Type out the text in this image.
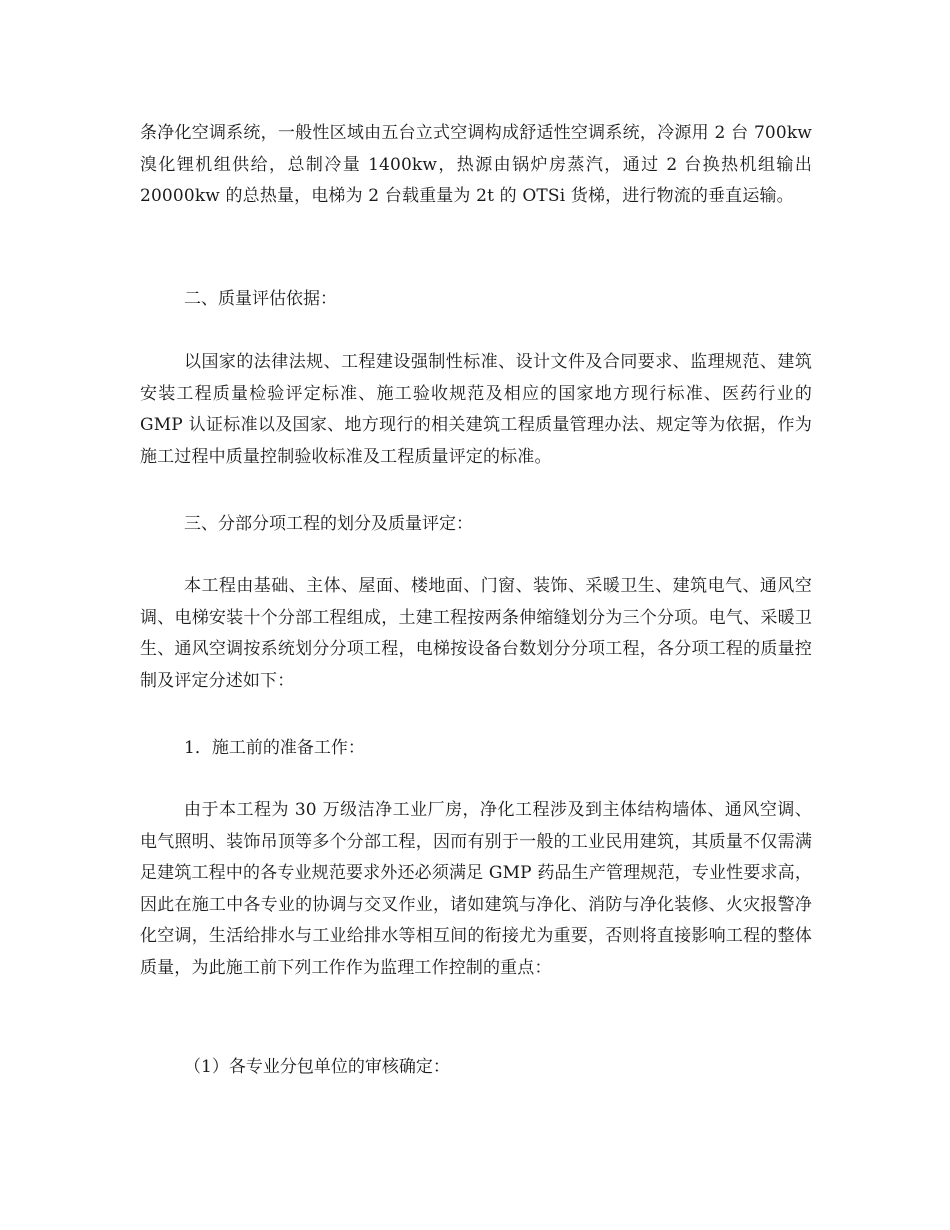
条净化空调系统，一般性区域由五台立式空调构成舒适性空调系统，冷源用 2 台 700kw 溴化锂机组供给，总制冷量 1400kw，热源由锅炉房蒸汽，通过 2 台换热机组输出 20000kw 的总热量，电梯为 2 台载重量为 2t 的 OTSi 货梯，进行物流的垂直运输。

二、质量评估依据：

以国家的法律法规、工程建设强制性标准、设计文件及合同要求、监理规范、建筑安装工程质量检验评定标准、施工验收规范及相应的国家地方现行标准、医药行业的 GMP 认证标准以及国家、地方现行的相关建筑工程质量管理办法、规定等为依据，作为施工过程中质量控制验收标准及工程质量评定的标准。

三、分部分项工程的划分及质量评定：

本工程由基础、主体、屋面、楼地面、门窗、装饰、采暖卫生、建筑电气、通风空调、电梯安装十个分部工程组成，土建工程按两条伸缩缝划分为三个分项。电气、采暖卫生、通风空调按系统划分分项工程，电梯按设备台数划分分项工程，各分项工程的质量控制及评定分述如下：

1．施工前的准备工作：

由于本工程为 30 万级洁净工业厂房，净化工程涉及到主体结构墙体、通风空调、电气照明、装饰吊顶等多个分部工程，因而有别于一般的工业民用建筑，其质量不仅需满足建筑工程中的各专业规范要求外还必须满足 GMP 药品生产管理规范，专业性要求高，因此在施工中各专业的协调与交叉作业，诸如建筑与净化、消防与净化装修、火灾报警净化空调，生活给排水与工业给排水等相互间的衔接尤为重要，否则将直接影响工程的整体质量，为此施工前下列工作作为监理工作控制的重点：

（1）各专业分包单位的审核确定：
